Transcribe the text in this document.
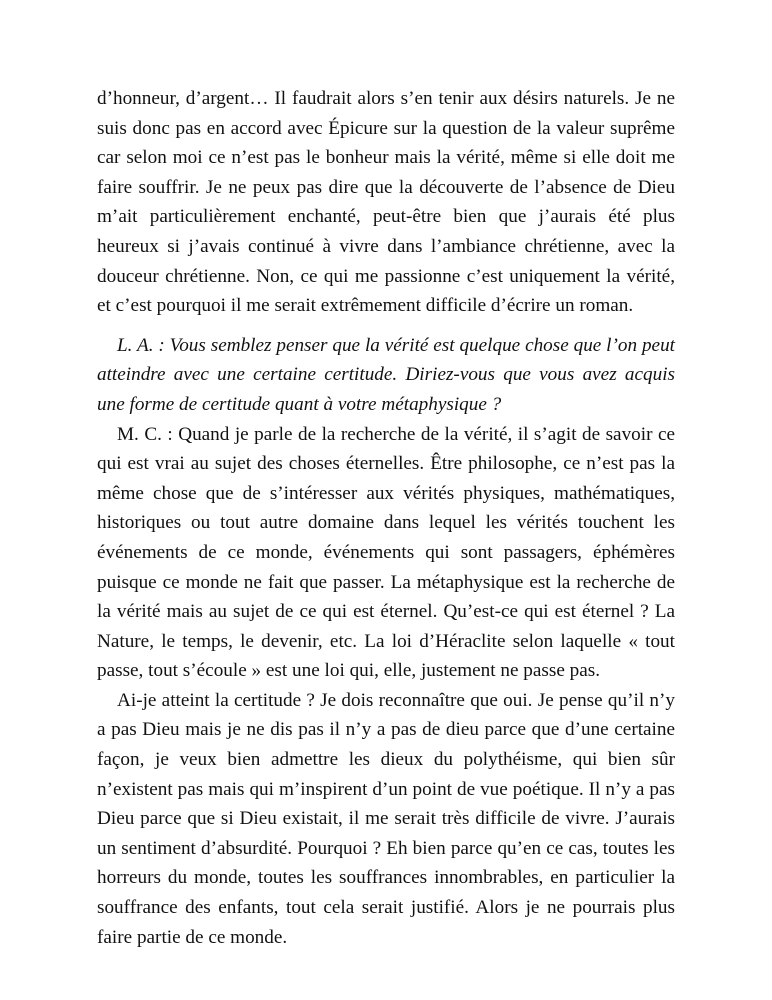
d’honneur, d’argent… Il faudrait alors s’en tenir aux désirs naturels. Je ne suis donc pas en accord avec Épicure sur la question de la valeur suprême car selon moi ce n’est pas le bonheur mais la vérité, même si elle doit me faire souffrir. Je ne peux pas dire que la découverte de l’absence de Dieu m’ait particulièrement enchanté, peut-être bien que j’aurais été plus heureux si j’avais continué à vivre dans l’ambiance chrétienne, avec la douceur chrétienne. Non, ce qui me passionne c’est uniquement la vérité, et c’est pourquoi il me serait extrêmement difficile d’écrire un roman.

L. A. : Vous semblez penser que la vérité est quelque chose que l’on peut atteindre avec une certaine certitude. Diriez-vous que vous avez acquis une forme de certitude quant à votre métaphysique ?

M. C. : Quand je parle de la recherche de la vérité, il s’agit de savoir ce qui est vrai au sujet des choses éternelles. Être philosophe, ce n’est pas la même chose que de s’intéresser aux vérités physiques, mathématiques, historiques ou tout autre domaine dans lequel les vérités touchent les événements de ce monde, événements qui sont passagers, éphémères puisque ce monde ne fait que passer. La métaphysique est la recherche de la vérité mais au sujet de ce qui est éternel. Qu’est-ce qui est éternel ? La Nature, le temps, le devenir, etc. La loi d’Héraclite selon laquelle « tout passe, tout s’écoule » est une loi qui, elle, justement ne passe pas.

Ai-je atteint la certitude ? Je dois reconnaître que oui. Je pense qu’il n’y a pas Dieu mais je ne dis pas il n’y a pas de dieu parce que d’une certaine façon, je veux bien admettre les dieux du polythéisme, qui bien sûr n’existent pas mais qui m’inspirent d’un point de vue poétique. Il n’y a pas Dieu parce que si Dieu existait, il me serait très difficile de vivre. J’aurais un sentiment d’absurdité. Pourquoi ? Eh bien parce qu’en ce cas, toutes les horreurs du monde, toutes les souffrances innombrables, en particulier la souffrance des enfants, tout cela serait justifié. Alors je ne pourrais plus faire partie de ce monde.
